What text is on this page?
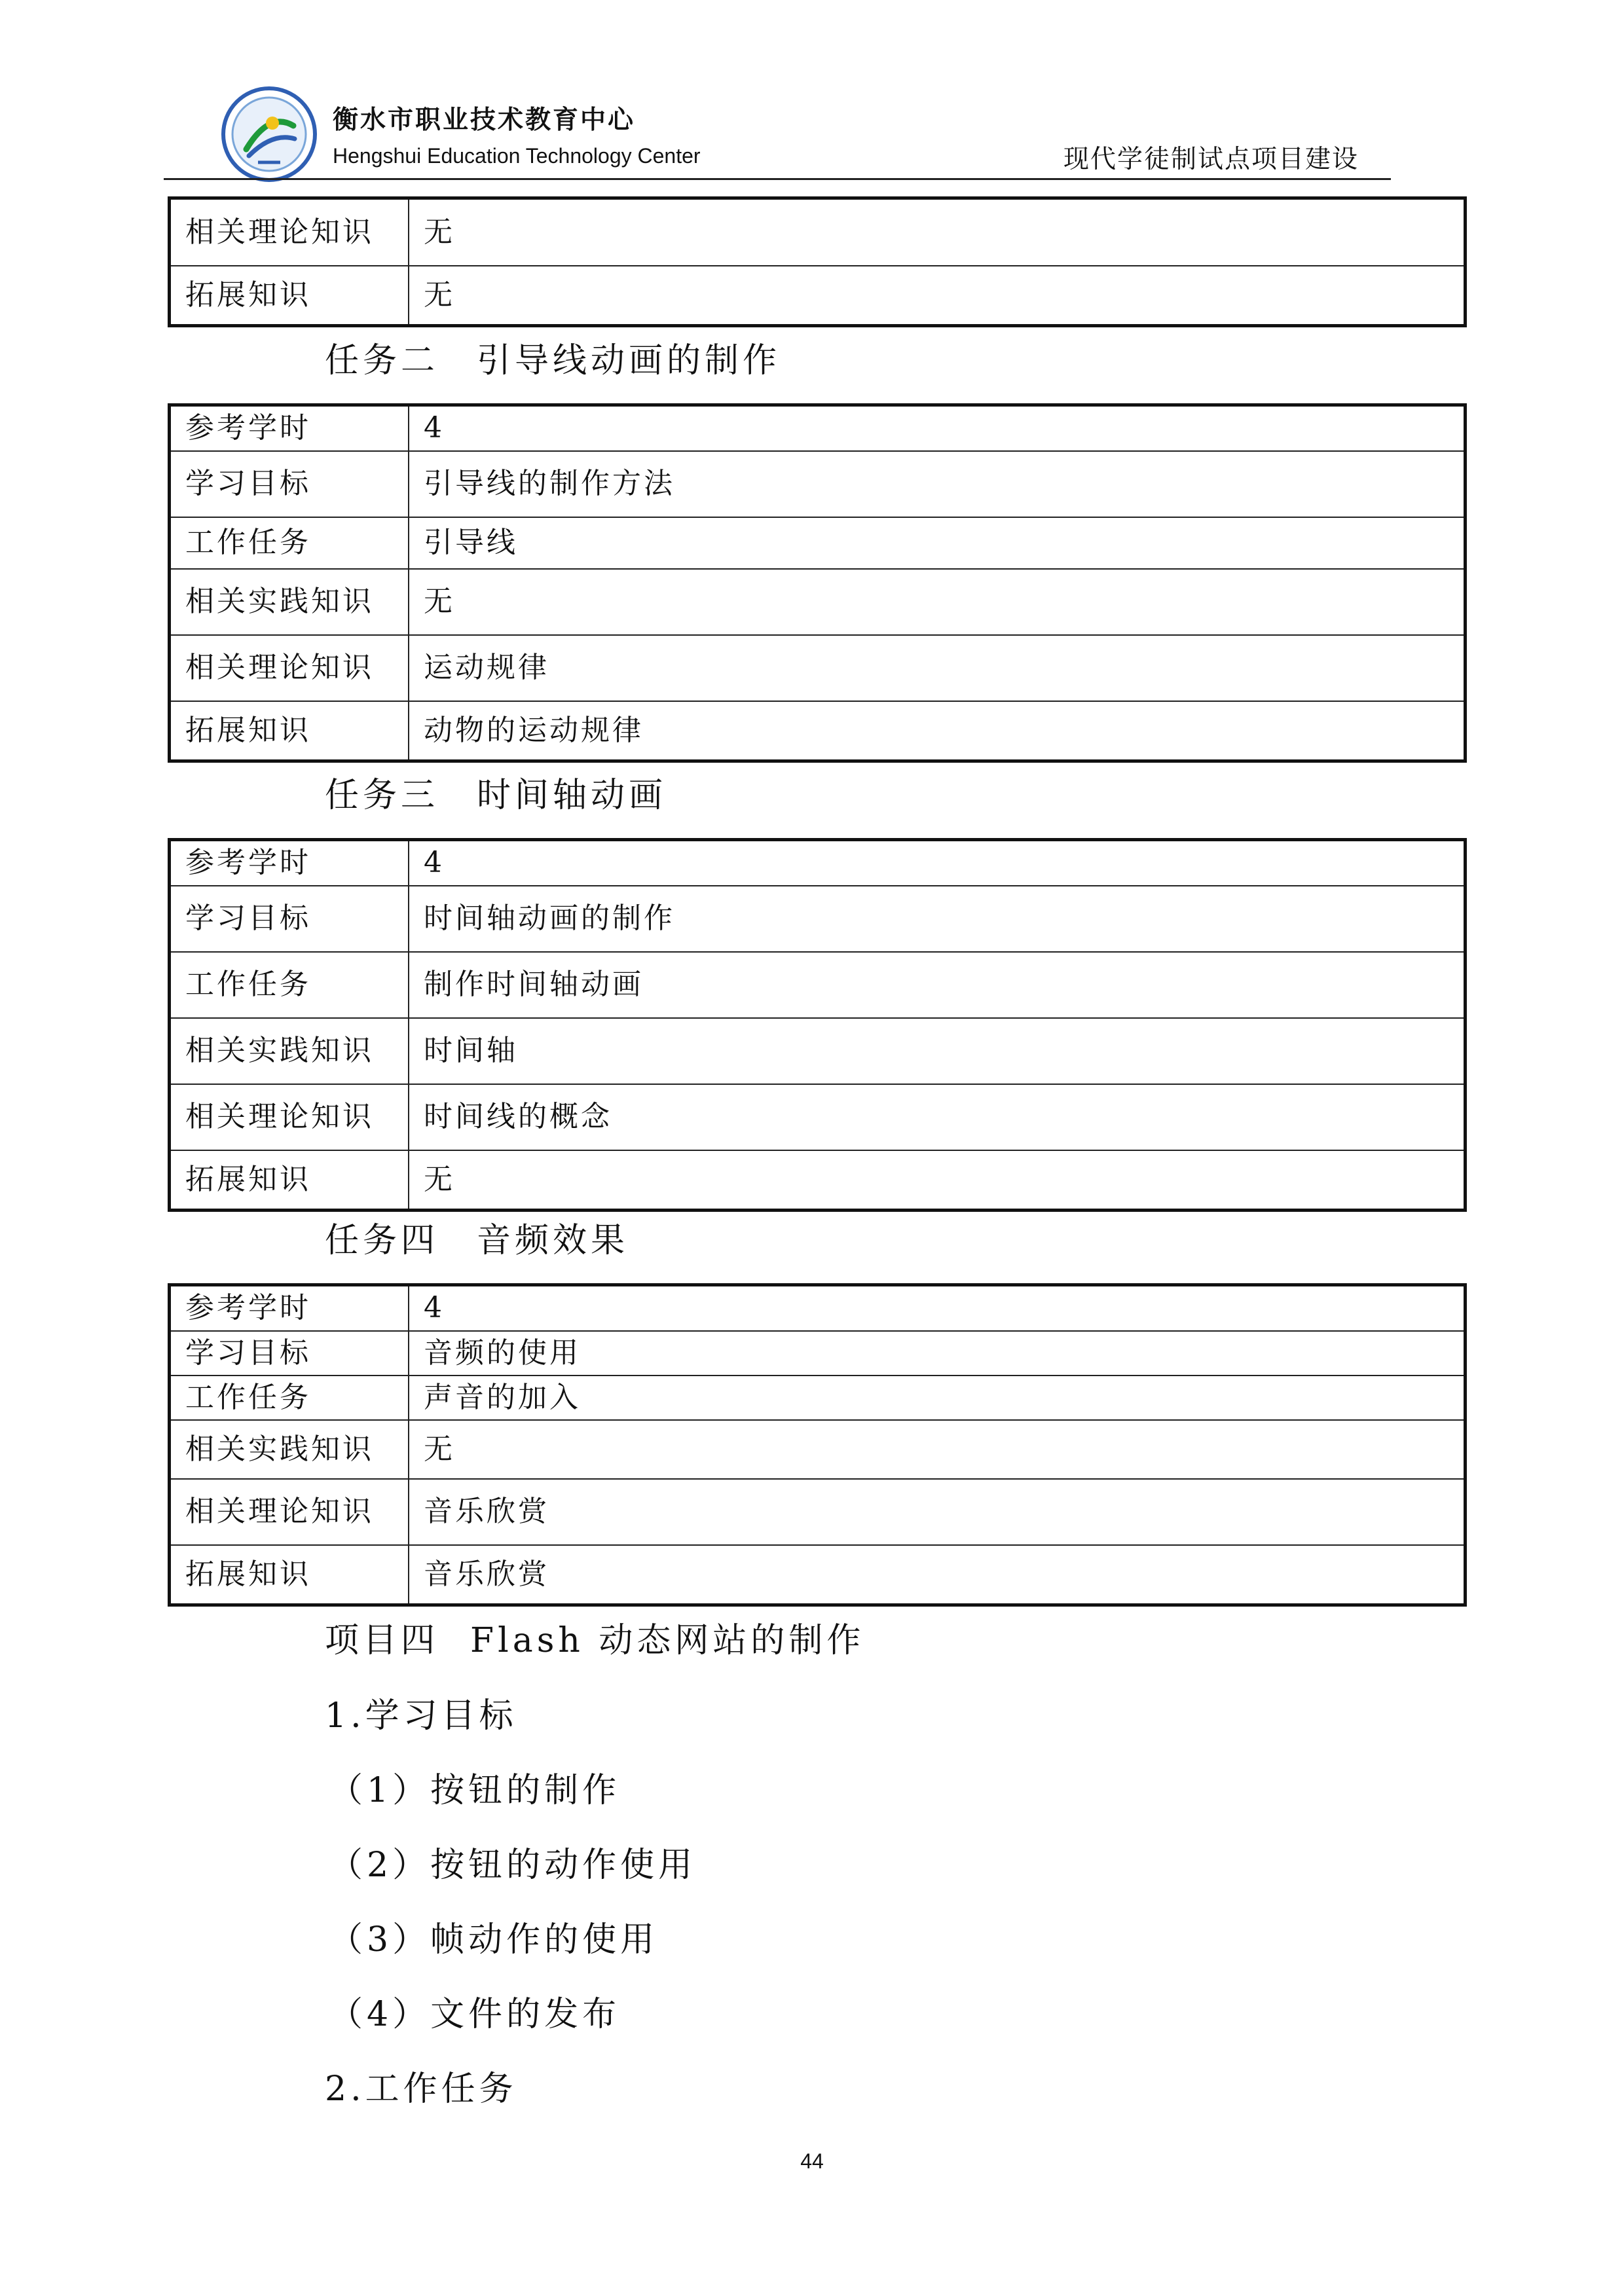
衡水市职业技术教育中心
Hengshui Education Technology Center	现代学徒制试点项目建设
相关理论知识	无
拓展知识	无
任务二 引导线动画的制作
参考学时	4
学习目标	引导线的制作方法
工作任务	引导线
相关实践知识	无
相关理论知识	运动规律
拓展知识	动物的运动规律
任务三 时间轴动画
参考学时	4
学习目标	时间轴动画的制作
工作任务	制作时间轴动画
相关实践知识	时间轴
相关理论知识	时间线的概念
拓展知识	无
任务四 音频效果
参考学时	4
学习目标	音频的使用
工作任务	声音的加入
相关实践知识	无
相关理论知识	音乐欣赏
拓展知识	音乐欣赏
项目四 Flash 动态网站的制作
1.学习目标
（1）按钮的制作
（2）按钮的动作使用
（3）帧动作的使用
（4）文件的发布
2.工作任务
44
